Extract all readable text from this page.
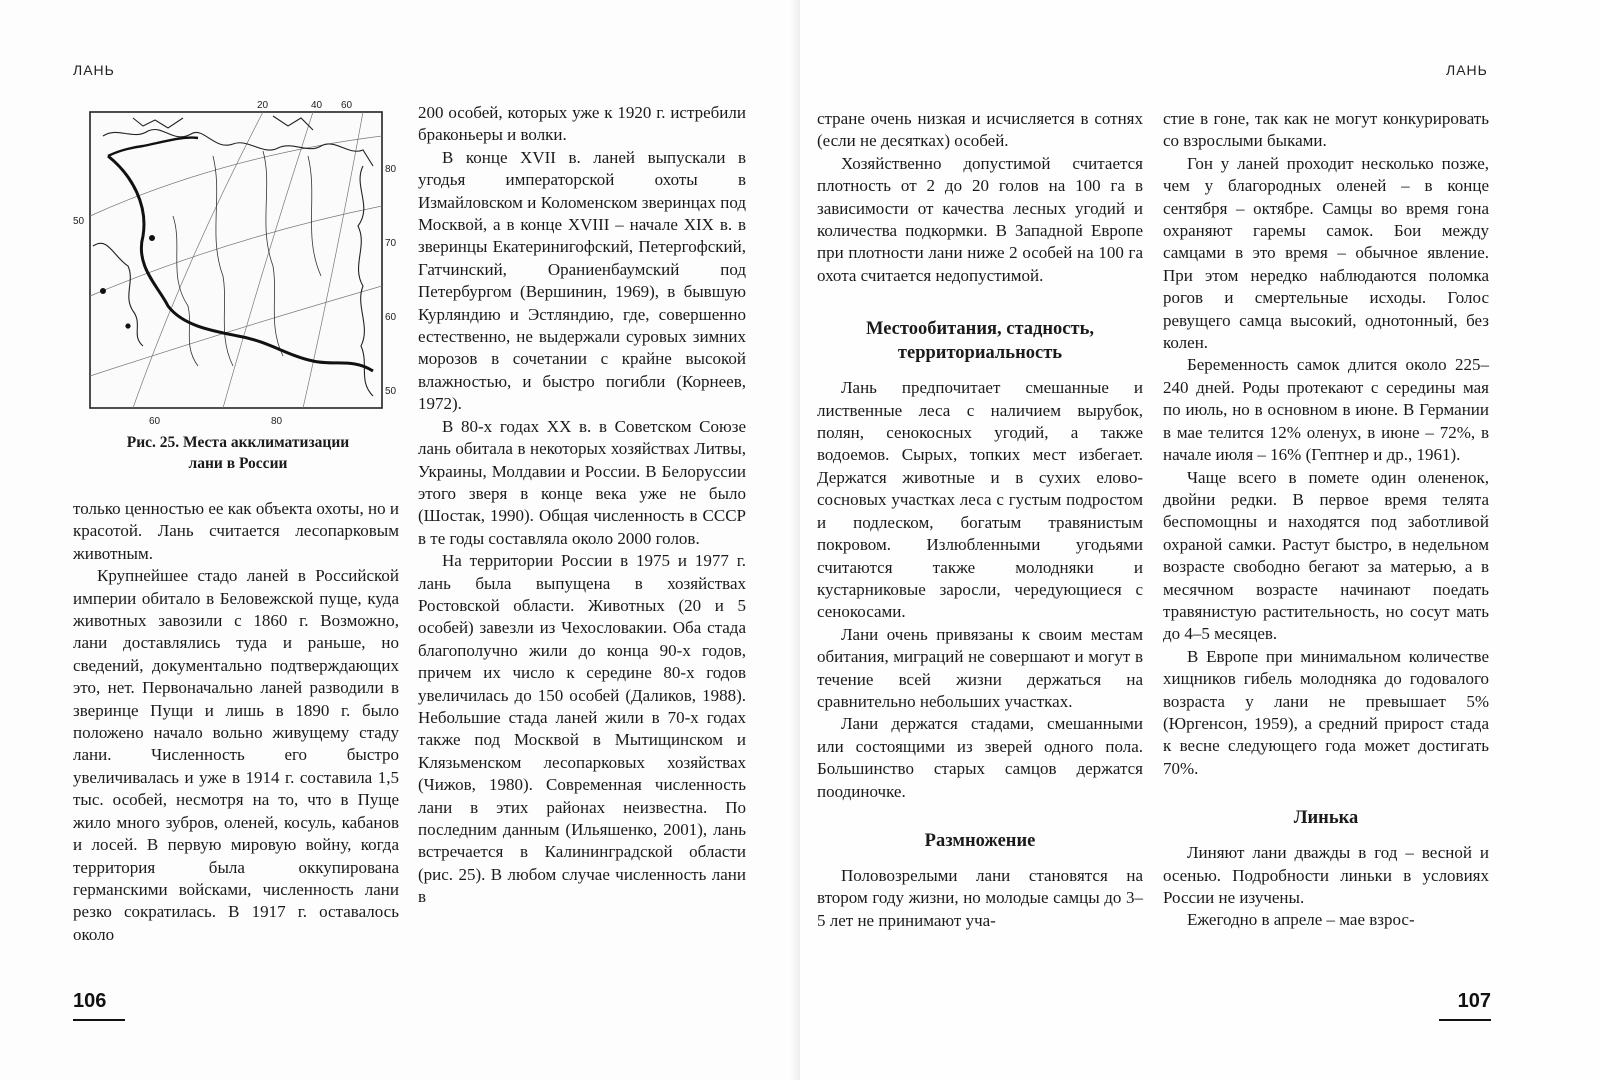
ЛАНЬ
20	40 60
50
80
70
60
50
60	80
Рис. 25. Места акклиматизации
лани в России

только ценностью ее как объекта охоты, но и красотой. Лань считается лесопарковым животным.

Крупнейшее стадо ланей в Российской империи обитало в Беловежской пуще, куда животных завозили с 1860 г. Возможно, лани доставлялись туда и раньше, но сведений, документально подтверждающих это, нет. Первоначально ланей разводили в зверинце Пущи и лишь в 1890 г. было положено начало вольно живущему стаду лани. Численность его быстро увеличивалась и уже в 1914 г. составила 1,5 тыс. особей, несмотря на то, что в Пуще жило много зубров, оленей, косуль, кабанов и лосей. В первую мировую войну, когда территория была оккупирована германскими войсками, численность лани резко сократилась. В 1917 г. оставалось около

200 особей, которых уже к 1920 г. истребили браконьеры и волки.

В конце XVII в. ланей выпускали в угодья императорской охоты в Измайловском и Коломенском зверинцах под Москвой, а в конце XVIII – начале XIX в. в зверинцы Екатеринигофский, Петергофский, Гатчинский, Ораниенбаумский под Петербургом (Вершинин, 1969), в бывшую Курляндию и Эстляндию, где, совершенно естественно, не выдержали суровых зимних морозов в сочетании с крайне высокой влажностью, и быстро погибли (Корнеев, 1972).

В 80-х годах XX в. в Советском Союзе лань обитала в некоторых хозяйствах Литвы, Украины, Молдавии и России. В Белоруссии этого зверя в конце века уже не было (Шостак, 1990). Общая численность в СССР в те годы составляла около 2000 голов.

На территории России в 1975 и 1977 г. лань была выпущена в хозяйствах Ростовской области. Животных (20 и 5 особей) завезли из Чехословакии. Оба стада благополучно жили до конца 90-х годов, причем их число к середине 80-х годов увеличилась до 150 особей (Даликов, 1988). Небольшие стада ланей жили в 70-х годах также под Москвой в Мытищинском и Клязьменском лесопарковых хозяйствах (Чижов, 1980). Современная численность лани в этих районах неизвестна. По последним данным (Ильяшенко, 2001), лань встречается в Калининградской области (рис. 25). В любом случае численность лани в

106
ЛАНЬ

стране очень низкая и исчисляется в сотнях (если не десятках) особей.

Хозяйственно допустимой считается плотность от 2 до 20 голов на 100 га в зависимости от качества лесных угодий и количества подкормки. В Западной Европе при плотности лани ниже 2 особей на 100 га охота считается недопустимой.

Местообитания, стадность, территориальность

Лань предпочитает смешанные и лиственные леса с наличием вырубок, полян, сенокосных угодий, а также водоемов. Сырых, топких мест избегает. Держатся животные и в сухих елово-сосновых участках леса с густым подростом и подлеском, богатым травянистым покровом. Излюбленными угодьями считаются также молодняки и кустарниковые заросли, чередующиеся с сенокосами.

Лани очень привязаны к своим местам обитания, миграций не совершают и могут в течение всей жизни держаться на сравнительно небольших участках.

Лани держатся стадами, смешанными или состоящими из зверей одного пола. Большинство старых самцов держатся поодиночке.

Размножение

Половозрелыми лани становятся на втором году жизни, но молодые самцы до 3–5 лет не принимают уча-

стие в гоне, так как не могут конкурировать со взрослыми быками.

Гон у ланей проходит несколько позже, чем у благородных оленей – в конце сентября – октябре. Самцы во время гона охраняют гаремы самок. Бои между самцами в это время – обычное явление. При этом нередко наблюдаются поломка рогов и смертельные исходы. Голос ревущего самца высокий, однотонный, без колен.

Беременность самок длится около 225–240 дней. Роды протекают с середины мая по июль, но в основном в июне. В Германии в мае телится 12% оленух, в июне – 72%, в начале июля – 16% (Гептнер и др., 1961).

Чаще всего в помете один олененок, двойни редки. В первое время телята беспомощны и находятся под заботливой охраной самки. Растут быстро, в недельном возрасте свободно бегают за матерью, а в месячном возрасте начинают поедать травянистую растительность, но сосут мать до 4–5 месяцев.

В Европе при минимальном количестве хищников гибель молодняка до годовалого возраста у лани не превышает 5% (Юргенсон, 1959), а средний прирост стада к весне следующего года может достигать 70%.

Линька

Линяют лани дважды в год – весной и осенью. Подробности линьки в условиях России не изучены.

Ежегодно в апреле – мае взрос-

107
